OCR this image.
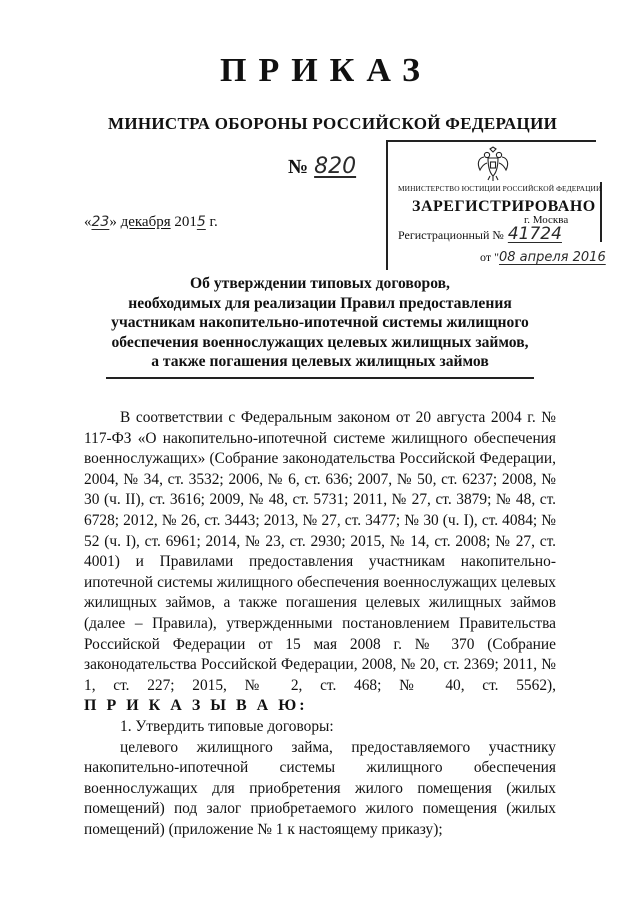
ПРИКАЗ
МИНИСТРА ОБОРОНЫ РОССИЙСКОЙ ФЕДЕРАЦИИ
№ 820
«23» декабря 2015 г.
МИНИСТЕРСТВО ЮСТИЦИИ РОССИЙСКОЙ ФЕДЕРАЦИИ
ЗАРЕГИСТРИРОВАНО
г. Москва
Регистрационный № 41724
от "08 апреля 2016
Об утверждении типовых договоров,
необходимых для реализации Правил предоставления
участникам накопительно-ипотечной системы жилищного
обеспечения военнослужащих целевых жилищных займов,
а также погашения целевых жилищных займов

В соответствии с Федеральным законом от 20 августа 2004 г. № 117-ФЗ «О накопительно-ипотечной системе жилищного обеспечения военнослужащих» (Собрание законодательства Российской Федерации, 2004, № 34, ст. 3532; 2006, № 6, ст. 636; 2007, № 50, ст. 6237; 2008, № 30 (ч. II), ст. 3616; 2009, № 48, ст. 5731; 2011, № 27, ст. 3879; № 48, ст. 6728; 2012, № 26, ст. 3443; 2013, № 27, ст. 3477; № 30 (ч. I), ст. 4084; № 52 (ч. I), ст. 6961; 2014, № 23, ст. 2930; 2015, № 14, ст. 2008; № 27, ст. 4001) и Правилами предоставления участникам накопительно-ипотечной системы жилищного обеспечения военнослужащих целевых жилищных займов, а также погашения целевых жилищных займов (далее – Правила), утвержденными постановлением Правительства Российской Федерации от 15 мая 2008 г. № 370 (Собрание законодательства Российской Федерации, 2008, № 20, ст. 2369; 2011, № 1, ст. 227; 2015, № 2, ст. 468; № 40, ст. 5562),

П Р И К А З Ы В А Ю:

1. Утвердить типовые договоры:

целевого жилищного займа, предоставляемого участнику накопительно-ипотечной системы жилищного обеспечения военнослужащих для приобретения жилого помещения (жилых помещений) под залог приобретаемого жилого помещения (жилых помещений) (приложение № 1 к настоящему приказу);
